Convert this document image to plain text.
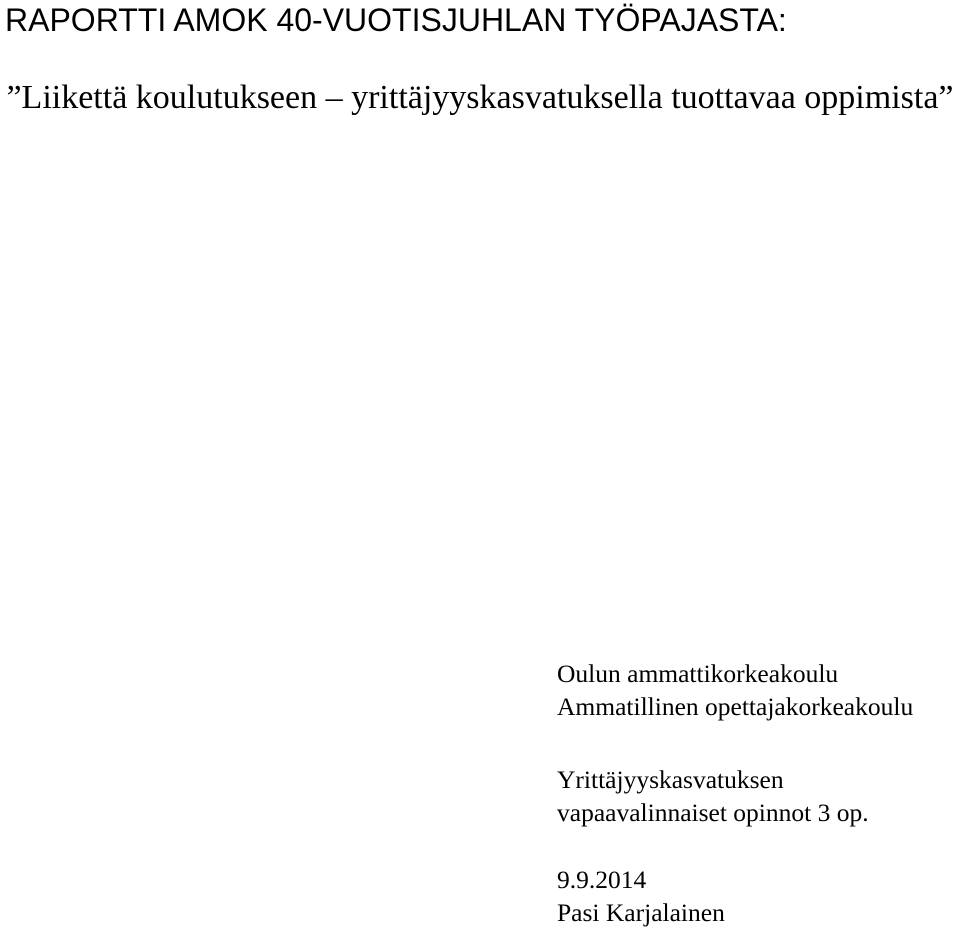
RAPORTTI AMOK 40-VUOTISJUHLAN TYÖPAJASTA:
”Liikettä koulutukseen – yrittäjyyskasvatuksella tuottavaa oppimista”
Oulun ammattikorkeakoulu
Ammatillinen opettajakorkeakoulu
Yrittäjyyskasvatuksen
vapaavalinnaiset opinnot 3 op.
9.9.2014
Pasi Karjalainen
